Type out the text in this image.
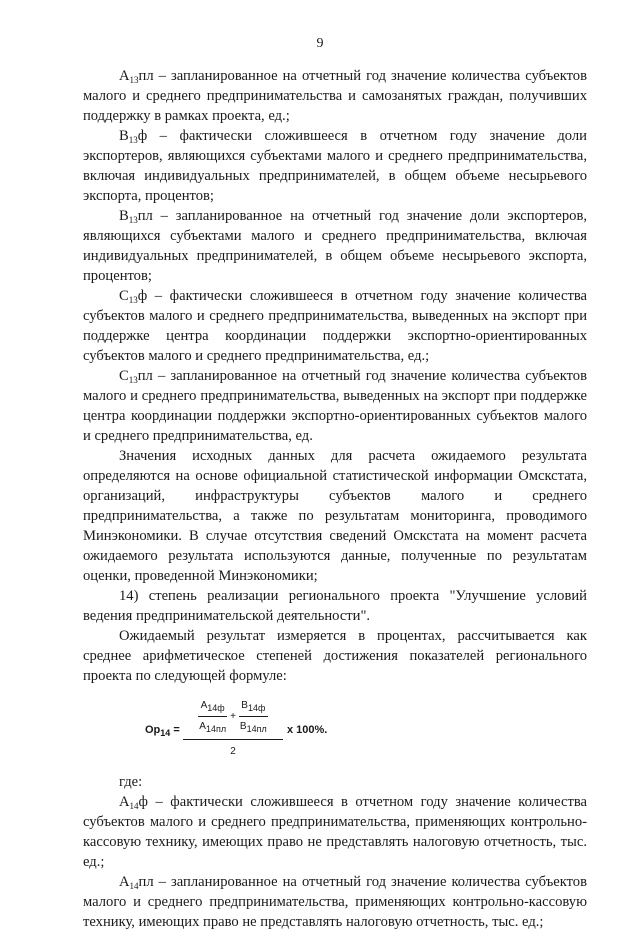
9

$А_{13}пл$ – запланированное на отчетный год значение количества субъектов малого и среднего предпринимательства и самозанятых граждан, получивших поддержку в рамках проекта, ед.;

$В_{13}ф$ – фактически сложившееся в отчетном году значение доли экспортеров, являющихся субъектами малого и среднего предпринимательства, включая индивидуальных предпринимателей, в общем объеме несырьевого экспорта, процентов;

$В_{13}пл$ – запланированное на отчетный год значение доли экспортеров, являющихся субъектами малого и среднего предпринимательства, включая индивидуальных предпринимателей, в общем объеме несырьевого экспорта, процентов;

$С_{13}ф$ – фактически сложившееся в отчетном году значение количества субъектов малого и среднего предпринимательства, выведенных на экспорт при поддержке центра координации поддержки экспортно-ориентированных субъектов малого и среднего предпринимательства, ед.;

$С_{13}пл$ – запланированное на отчетный год значение количества субъектов малого и среднего предпринимательства, выведенных на экспорт при поддержке центра координации поддержки экспортно-ориентированных субъектов малого и среднего предпринимательства, ед.

Значения исходных данных для расчета ожидаемого результата определяются на основе официальной статистической информации Омскстата, организаций, инфраструктуры субъектов малого и среднего предпринимательства, а также по результатам мониторинга, проводимого Минэкономики. В случае отсутствия сведений Омскстата на момент расчета ожидаемого результата используются данные, полученные по результатам оценки, проведенной Минэкономики;

14) степень реализации регионального проекта "Улучшение условий ведения предпринимательской деятельности".

Ожидаемый результат измеряется в процентах, рассчитывается как среднее арифметическое степеней достижения показателей регионального проекта по следующей формуле:

$Ор_{14}$ =
$А_{14ф}$
$А_{14пл}$
+
$В_{14ф}$
$В_{14пл}$
2
х 100%.

где:

$А_{14}ф$ – фактически сложившееся в отчетном году значение количества субъектов малого и среднего предпринимательства, применяющих контрольно-кассовую технику, имеющих право не представлять налоговую отчетность, тыс. ед.;

$А_{14}пл$ – запланированное на отчетный год значение количества субъектов малого и среднего предпринимательства, применяющих контрольно-кассовую технику, имеющих право не представлять налоговую отчетность, тыс. ед.;
